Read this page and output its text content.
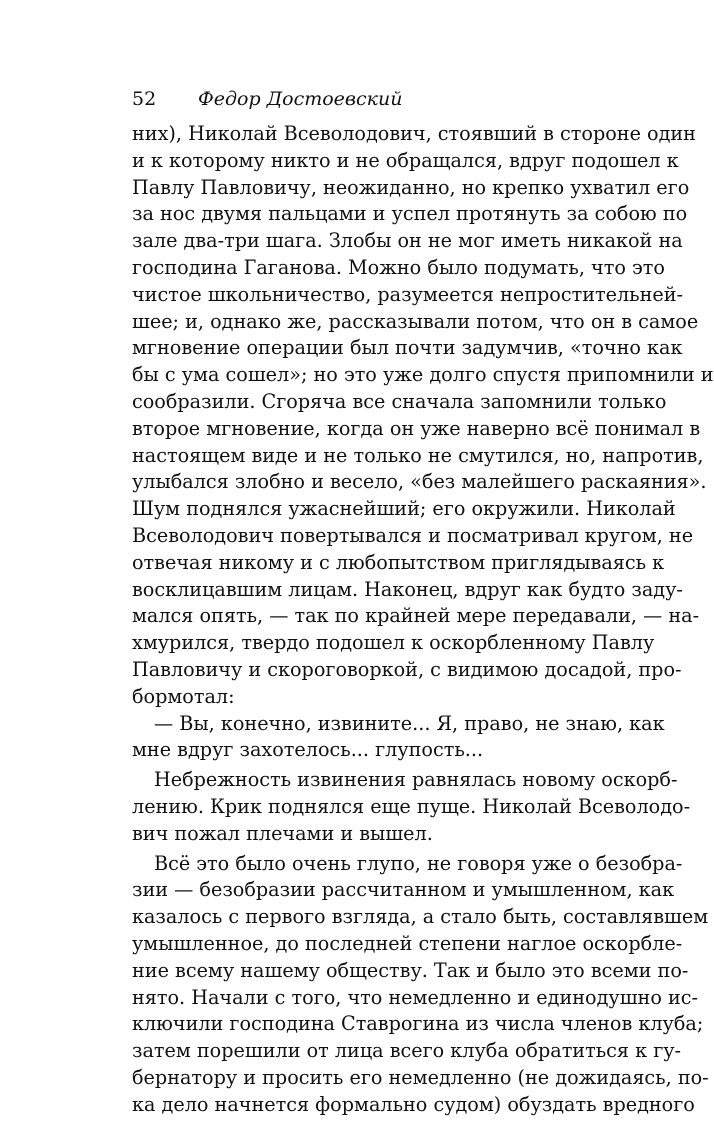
52 Федор Достоевский
них), Николай Всеволодович, стоявший в стороне один
и к которому никто и не обращался, вдруг подошел к
Павлу Павловичу, неожиданно, но крепко ухватил его
за нос двумя пальцами и успел протянуть за собою по
зале два-три шага. Злобы он не мог иметь никакой на
господина Гаганова. Можно было подумать, что это
чистое школьничество, разумеется непростительней-
шее; и, однако же, рассказывали потом, что он в самое
мгновение операции был почти задумчив, «точно как
бы с ума сошел»; но это уже долго спустя припомнили и
сообразили. Сгоряча все сначала запомнили только
второе мгновение, когда он уже наверно всё понимал в
настоящем виде и не только не смутился, но, напротив,
улыбался злобно и весело, «без малейшего раскаяния».
Шум поднялся ужаснейший; его окружили. Николай
Всеволодович повертывался и посматривал кругом, не
отвечая никому и с любопытством приглядываясь к
восклицавшим лицам. Наконец, вдруг как будто заду-
мался опять, — так по крайней мере передавали, — на-
хмурился, твердо подошел к оскорбленному Павлу
Павловичу и скороговоркой, с видимою досадой, про-
бормотал:
— Вы, конечно, извините... Я, право, не знаю, как
мне вдруг захотелось... глупость...
Небрежность извинения равнялась новому оскорб-
лению. Крик поднялся еще пуще. Николай Всеволодо-
вич пожал плечами и вышел.
Всё это было очень глупо, не говоря уже о безобра-
зии — безобразии рассчитанном и умышленном, как
казалось с первого взгляда, а стало быть, составлявшем
умышленное, до последней степени наглое оскорбле-
ние всему нашему обществу. Так и было это всеми по-
нято. Начали с того, что немедленно и единодушно ис-
ключили господина Ставрогина из числа членов клуба;
затем порешили от лица всего клуба обратиться к гу-
бернатору и просить его немедленно (не дожидаясь, по-
ка дело начнется формально судом) обуздать вредного
